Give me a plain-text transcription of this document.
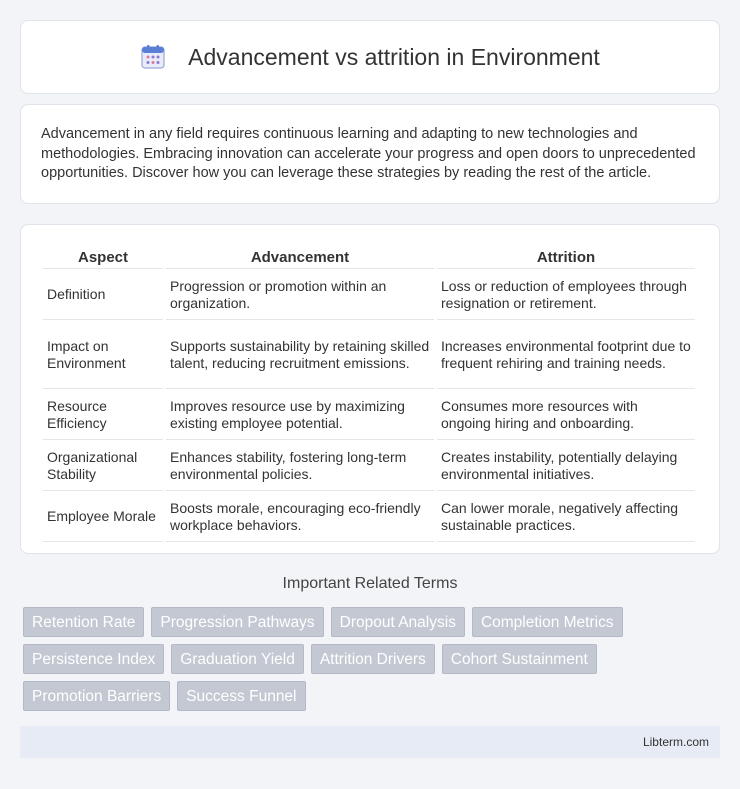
Advancement vs attrition in Environment

Advancement in any field requires continuous learning and adapting to new technologies and methodologies. Embracing innovation can accelerate your progress and open doors to unprecedented opportunities. Discover how you can leverage these strategies by reading the rest of the article.

Aspect	Advancement	Attrition
Definition	Progression or promotion within an organization.	Loss or reduction of employees through resignation or retirement.
Impact on Environment	Supports sustainability by retaining skilled talent, reducing recruitment emissions.	Increases environmental footprint due to frequent rehiring and training needs.
Resource Efficiency	Improves resource use by maximizing existing employee potential.	Consumes more resources with ongoing hiring and onboarding.
Organizational Stability	Enhances stability, fostering long-term environmental policies.	Creates instability, potentially delaying environmental initiatives.
Employee Morale	Boosts morale, encouraging eco-friendly workplace behaviors.	Can lower morale, negatively affecting sustainable practices.
Important Related Terms
Retention Rate	Progression Pathways	Dropout Analysis	Completion Metrics
Persistence Index	Graduation Yield	Attrition Drivers	Cohort Sustainment
Promotion Barriers	Success Funnel
Libterm.com
